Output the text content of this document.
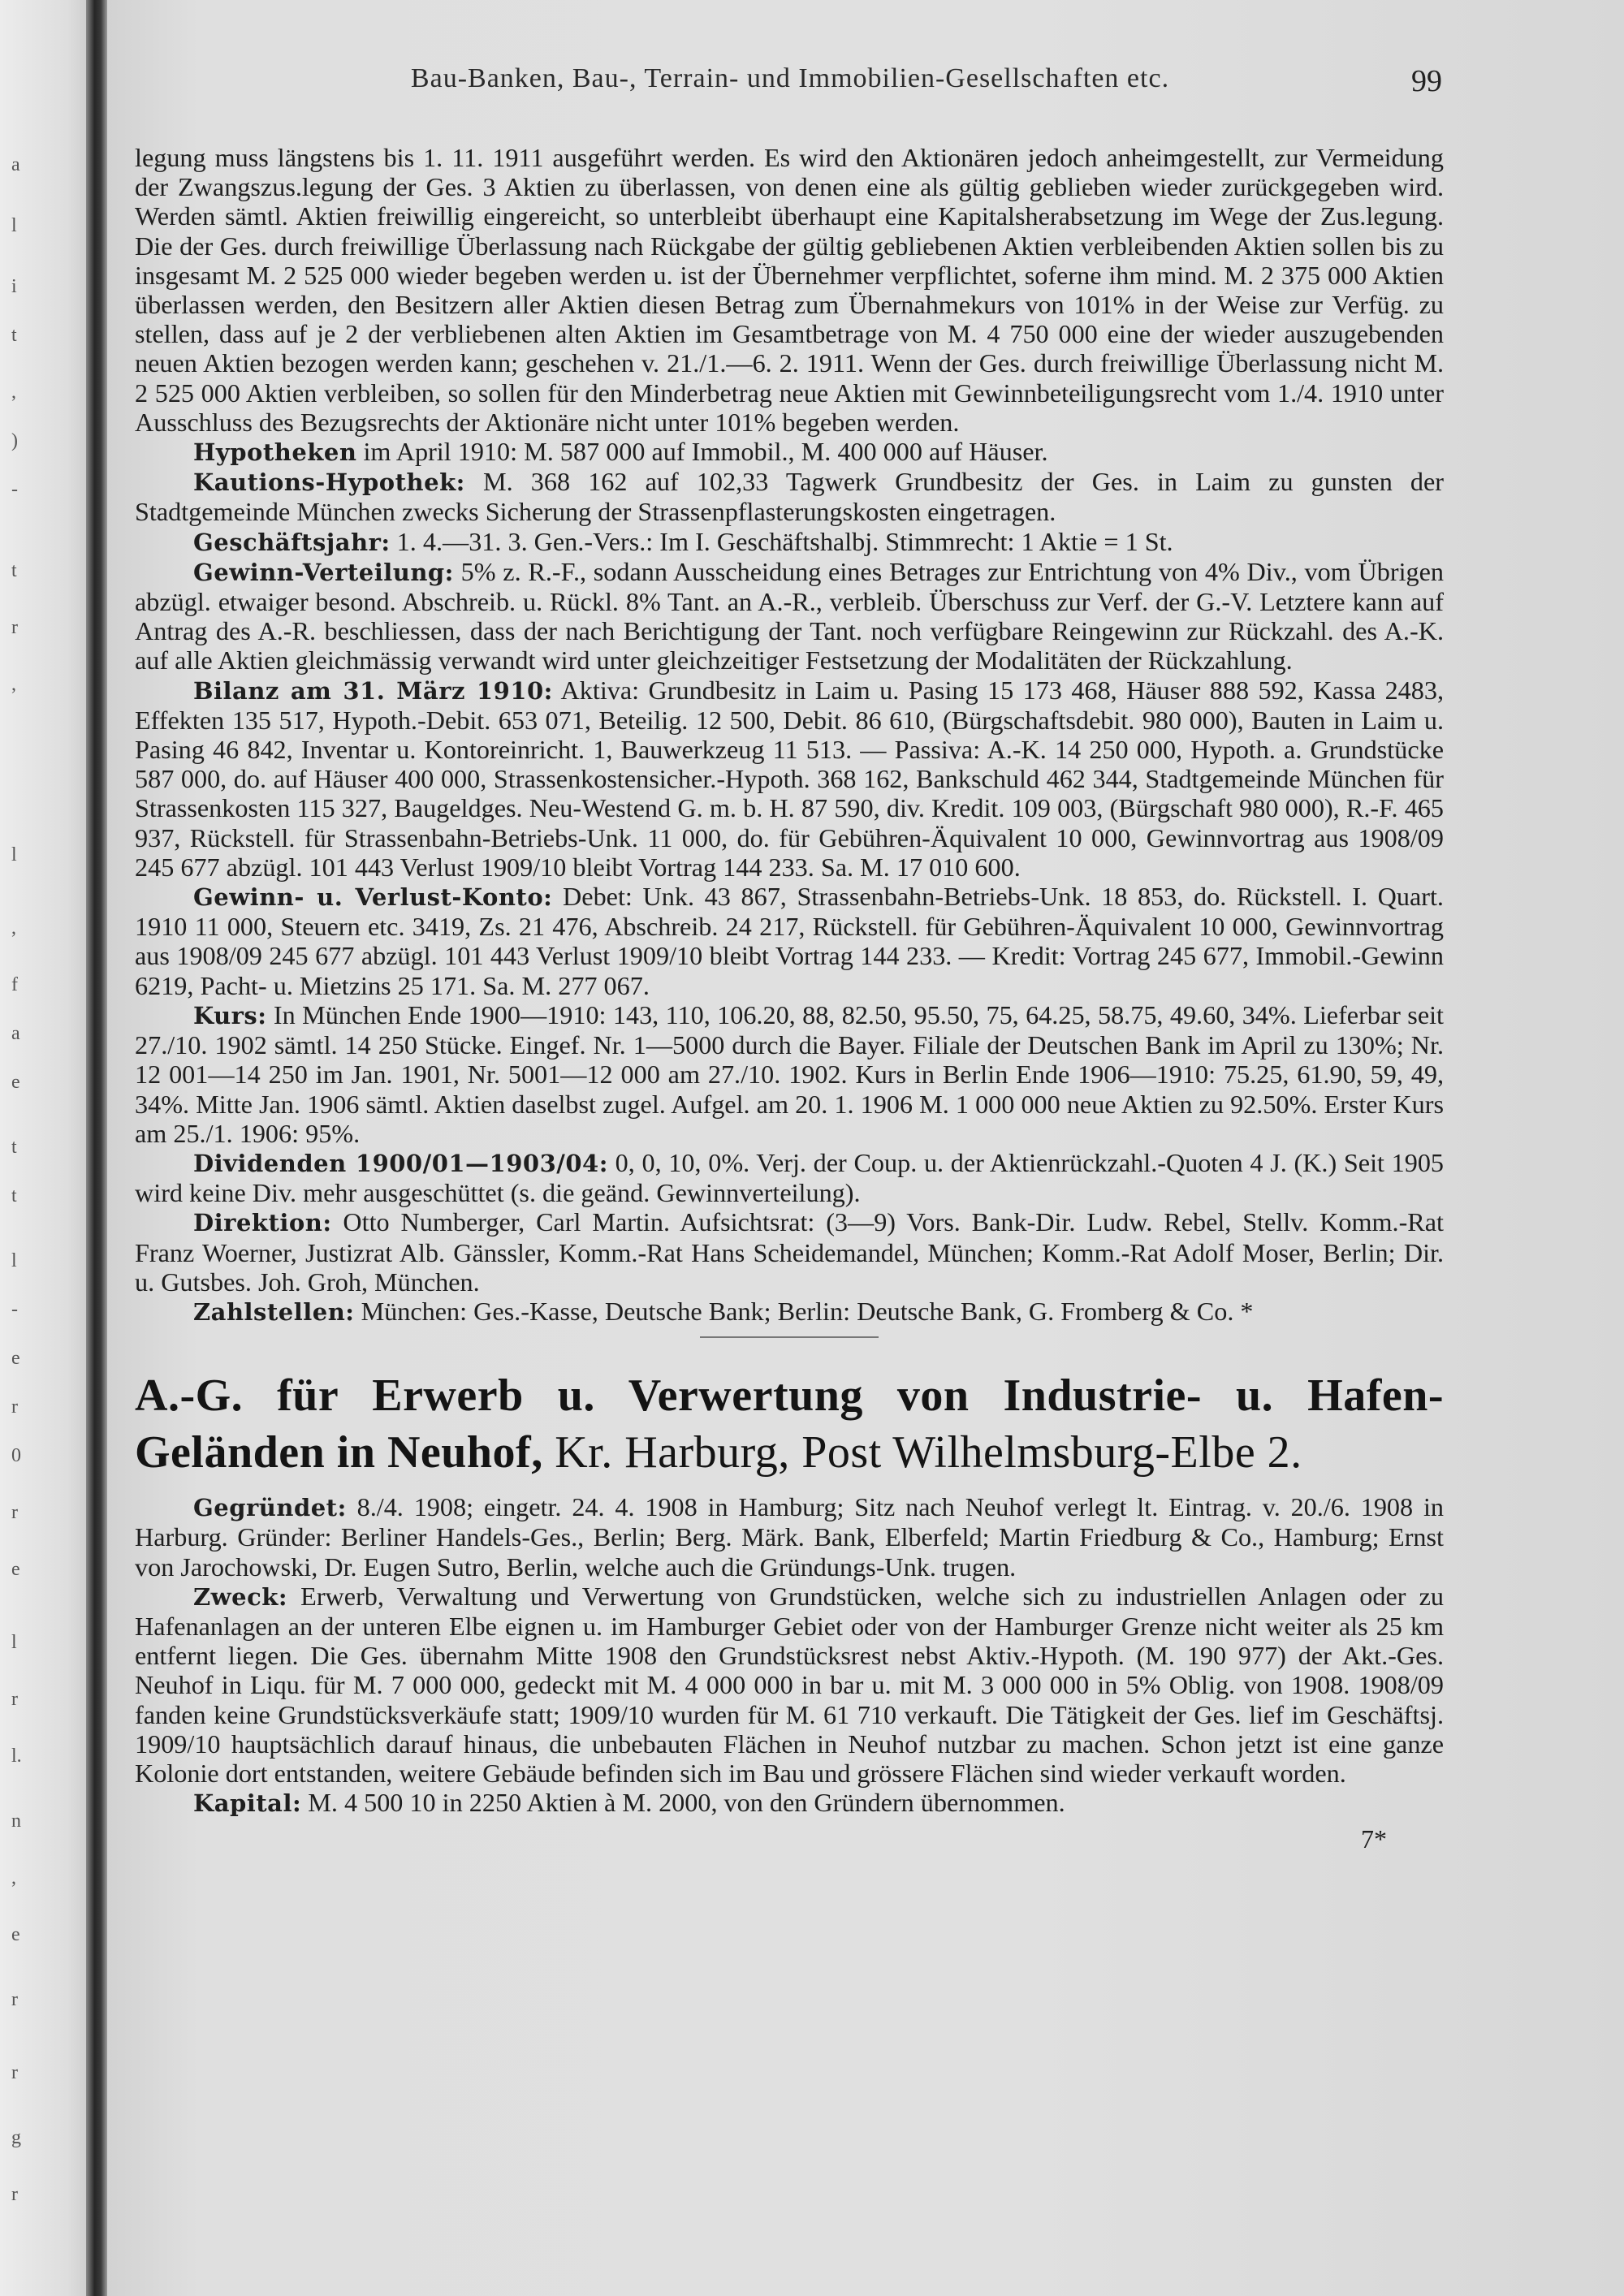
a
l
i
t
,
)
-
t
r
,
l
,
f
a
e
t
t
l
-
e
r
0
r
e
l
r
l.
n
,
e
r
r
g
r
Bau-Banken, Bau-, Terrain- und Immobilien-Gesellschaften etc.	99

legung muss längstens bis 1. 11. 1911 ausgeführt werden. Es wird den Aktionären jedoch anheimgestellt, zur Vermeidung der Zwangszus.legung der Ges. 3 Aktien zu überlassen, von denen eine als gültig geblieben wieder zurückgegeben wird. Werden sämtl. Aktien freiwillig eingereicht, so unterbleibt überhaupt eine Kapitalsherabsetzung im Wege der Zus.legung. Die der Ges. durch freiwillige Überlassung nach Rückgabe der gültig gebliebenen Aktien verbleibenden Aktien sollen bis zu insgesamt M. 2 525 000 wieder begeben werden u. ist der Übernehmer verpflichtet, soferne ihm mind. M. 2 375 000 Aktien überlassen werden, den Besitzern aller Aktien diesen Betrag zum Übernahmekurs von 101% in der Weise zur Verfüg. zu stellen, dass auf je 2 der verbliebenen alten Aktien im Gesamtbetrage von M. 4 750 000 eine der wieder auszugebenden neuen Aktien bezogen werden kann; geschehen v. 21./1.—6. 2. 1911. Wenn der Ges. durch freiwillige Überlassung nicht M. 2 525 000 Aktien verbleiben, so sollen für den Minderbetrag neue Aktien mit Gewinnbeteiligungsrecht vom 1./4. 1910 unter Ausschluss des Bezugsrechts der Aktionäre nicht unter 101% begeben werden.

Hypotheken im April 1910: M. 587 000 auf Immobil., M. 400 000 auf Häuser.

Kautions-Hypothek: M. 368 162 auf 102,33 Tagwerk Grundbesitz der Ges. in Laim zu gunsten der Stadtgemeinde München zwecks Sicherung der Strassenpflasterungskosten eingetragen.

Geschäftsjahr: 1. 4.—31. 3. Gen.-Vers.: Im I. Geschäftshalbj. Stimmrecht: 1 Aktie = 1 St.

Gewinn-Verteilung: 5% z. R.-F., sodann Ausscheidung eines Betrages zur Entrichtung von 4% Div., vom Übrigen abzügl. etwaiger besond. Abschreib. u. Rückl. 8% Tant. an A.-R., verbleib. Überschuss zur Verf. der G.-V. Letztere kann auf Antrag des A.-R. beschliessen, dass der nach Berichtigung der Tant. noch verfügbare Reingewinn zur Rückzahl. des A.-K. auf alle Aktien gleichmässig verwandt wird unter gleichzeitiger Festsetzung der Modalitäten der Rückzahlung.

Bilanz am 31. März 1910: Aktiva: Grundbesitz in Laim u. Pasing 15 173 468, Häuser 888 592, Kassa 2483, Effekten 135 517, Hypoth.-Debit. 653 071, Beteilig. 12 500, Debit. 86 610, (Bürgschaftsdebit. 980 000), Bauten in Laim u. Pasing 46 842, Inventar u. Kontoreinricht. 1, Bauwerkzeug 11 513. — Passiva: A.-K. 14 250 000, Hypoth. a. Grundstücke 587 000, do. auf Häuser 400 000, Strassenkostensicher.-Hypoth. 368 162, Bankschuld 462 344, Stadtgemeinde München für Strassenkosten 115 327, Baugeldges. Neu-Westend G. m. b. H. 87 590, div. Kredit. 109 003, (Bürgschaft 980 000), R.-F. 465 937, Rückstell. für Strassenbahn-Betriebs-Unk. 11 000, do. für Gebühren-Äquivalent 10 000, Gewinnvortrag aus 1908/09 245 677 abzügl. 101 443 Verlust 1909/10 bleibt Vortrag 144 233. Sa. M. 17 010 600.

Gewinn- u. Verlust-Konto: Debet: Unk. 43 867, Strassenbahn-Betriebs-Unk. 18 853, do. Rückstell. I. Quart. 1910 11 000, Steuern etc. 3419, Zs. 21 476, Abschreib. 24 217, Rückstell. für Gebühren-Äquivalent 10 000, Gewinnvortrag aus 1908/09 245 677 abzügl. 101 443 Verlust 1909/10 bleibt Vortrag 144 233. — Kredit: Vortrag 245 677, Immobil.-Gewinn 6219, Pacht- u. Mietzins 25 171. Sa. M. 277 067.

Kurs: In München Ende 1900—1910: 143, 110, 106.20, 88, 82.50, 95.50, 75, 64.25, 58.75, 49.60, 34%. Lieferbar seit 27./10. 1902 sämtl. 14 250 Stücke. Eingef. Nr. 1—5000 durch die Bayer. Filiale der Deutschen Bank im April zu 130%; Nr. 12 001—14 250 im Jan. 1901, Nr. 5001—12 000 am 27./10. 1902. Kurs in Berlin Ende 1906—1910: 75.25, 61.90, 59, 49, 34%. Mitte Jan. 1906 sämtl. Aktien daselbst zugel. Aufgel. am 20. 1. 1906 M. 1 000 000 neue Aktien zu 92.50%. Erster Kurs am 25./1. 1906: 95%.

Dividenden 1900/01—1903/04: 0, 0, 10, 0%. Verj. der Coup. u. der Aktienrückzahl.-Quoten 4 J. (K.) Seit 1905 wird keine Div. mehr ausgeschüttet (s. die geänd. Gewinnverteilung).

Direktion: Otto Numberger, Carl Martin. Aufsichtsrat: (3—9) Vors. Bank-Dir. Ludw. Rebel, Stellv. Komm.-Rat Franz Woerner, Justizrat Alb. Gänssler, Komm.-Rat Hans Scheidemandel, München; Komm.-Rat Adolf Moser, Berlin; Dir. u. Gutsbes. Joh. Groh, München.

Zahlstellen: München: Ges.-Kasse, Deutsche Bank; Berlin: Deutsche Bank, G. Fromberg & Co. *

A.-G. für Erwerb u. Verwertung von Industrie- u. Hafen-Geländen in Neuhof, Kr. Harburg, Post Wilhelmsburg-Elbe 2.

Gegründet: 8./4. 1908; eingetr. 24. 4. 1908 in Hamburg; Sitz nach Neuhof verlegt lt. Eintrag. v. 20./6. 1908 in Harburg. Gründer: Berliner Handels-Ges., Berlin; Berg. Märk. Bank, Elberfeld; Martin Friedburg & Co., Hamburg; Ernst von Jarochowski, Dr. Eugen Sutro, Berlin, welche auch die Gründungs-Unk. trugen.

Zweck: Erwerb, Verwaltung und Verwertung von Grundstücken, welche sich zu industriellen Anlagen oder zu Hafenanlagen an der unteren Elbe eignen u. im Hamburger Gebiet oder von der Hamburger Grenze nicht weiter als 25 km entfernt liegen. Die Ges. übernahm Mitte 1908 den Grundstücksrest nebst Aktiv.-Hypoth. (M. 190 977) der Akt.-Ges. Neuhof in Liqu. für M. 7 000 000, gedeckt mit M. 4 000 000 in bar u. mit M. 3 000 000 in 5% Oblig. von 1908. 1908/09 fanden keine Grundstücksverkäufe statt; 1909/10 wurden für M. 61 710 verkauft. Die Tätigkeit der Ges. lief im Geschäftsj. 1909/10 hauptsächlich darauf hinaus, die unbebauten Flächen in Neuhof nutzbar zu machen. Schon jetzt ist eine ganze Kolonie dort entstanden, weitere Gebäude befinden sich im Bau und grössere Flächen sind wieder verkauft worden.

Kapital: M. 4 500 10 in 2250 Aktien à M. 2000, von den Gründern übernommen.

7*
